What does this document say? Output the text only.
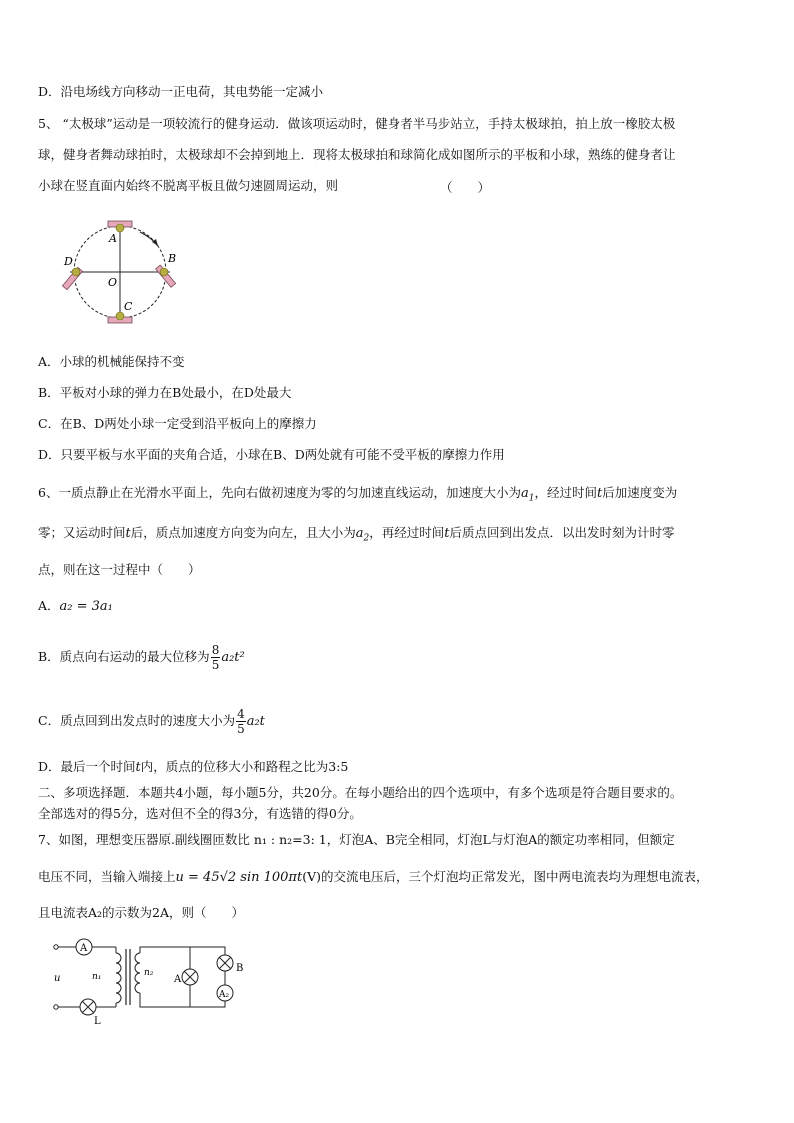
D．沿电场线方向移动一正电荷，其电势能一定减小
5、 “太极球”运动是一项较流行的健身运动．做该项运动时，健身者半马步站立，手持太极球拍，拍上放一橡胶太极
球，健身者舞动球拍时，太极球却不会掉到地上．现将太极球拍和球简化成如图所示的平板和小球，熟练的健身者让
小球在竖直面内始终不脱离平板且做匀速圆周运动，则	（　　）
A
B
C
D
O
A．小球的机械能保持不变
B．平板对小球的弹力在B处最小，在D处最大
C．在B、D两处小球一定受到沿平板向上的摩擦力
D．只要平板与水平面的夹角合适，小球在B、D两处就有可能不受平板的摩擦力作用
6、一质点静止在光滑水平面上，先向右做初速度为零的匀加速直线运动，加速度大小为$a_1$，经过时间t后加速度变为
零；又运动时间t后，质点加速度方向变为向左，且大小为$a_2$，再经过时间t后质点回到出发点．以出发时刻为计时零
点，则在这一过程中（　　）
A．a₂ = 3a₁
B．质点向右运动的最大位移为 $\frac{8}{5} a_2t^2$
C．质点回到出发点时的速度大小为 $\frac{4}{5} a_2t$
D．最后一个时间t内，质点的位移大小和路程之比为3:5
二、多项选择题．本题共4小题，每小题5分，共20分。在每小题给出的四个选项中，有多个选项是符合题目要求的。
全部选对的得5分，选对但不全的得3分，有选错的得0分。
7、如图，理想变压器原.副线圈匝数比 n₁ : n₂=3: 1，灯泡A、B完全相同，灯泡L与灯泡A的额定功率相同，但额定
电压不同，当输入端接上u = 45√2 sin 100πt(V)的交流电压后，三个灯泡均正常发光，图中两电流表均为理想电流表，
且电流表A₂的示数为2A，则（　　）
A
L
u	n₁	n₂
A
A₂
B
